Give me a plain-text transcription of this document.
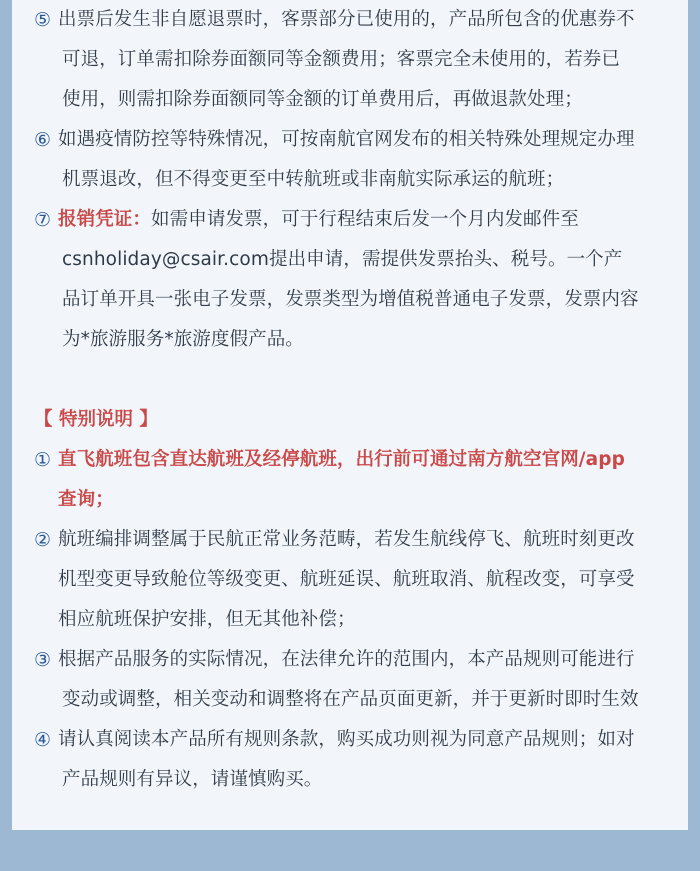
⑤ 出票后发生非自愿退票时，客票部分已使用的，产品所包含的优惠券不
可退，订单需扣除券面额同等金额费用；客票完全未使用的，若券已
使用，则需扣除券面额同等金额的订单费用后，再做退款处理；
⑥ 如遇疫情防控等特殊情况，可按南航官网发布的相关特殊处理规定办理
机票退改，但不得变更至中转航班或非南航实际承运的航班；
⑦ 报销凭证：如需申请发票，可于行程结束后发一个月内发邮件至
csnholiday@csair.com提出申请，需提供发票抬头、税号。一个产
品订单开具一张电子发票，发票类型为增值税普通电子发票，发票内容
为*旅游服务*旅游度假产品。
【 特别说明 】
① 直飞航班包含直达航班及经停航班，出行前可通过南方航空官网/app
查询；
② 航班编排调整属于民航正常业务范畴，若发生航线停飞、航班时刻更改
机型变更导致舱位等级变更、航班延误、航班取消、航程改变，可享受
相应航班保护安排，但无其他补偿；
③ 根据产品服务的实际情况，在法律允许的范围内，本产品规则可能进行
变动或调整，相关变动和调整将在产品页面更新，并于更新时即时生效
④ 请认真阅读本产品所有规则条款，购买成功则视为同意产品规则；如对
产品规则有异议，请谨慎购买。
